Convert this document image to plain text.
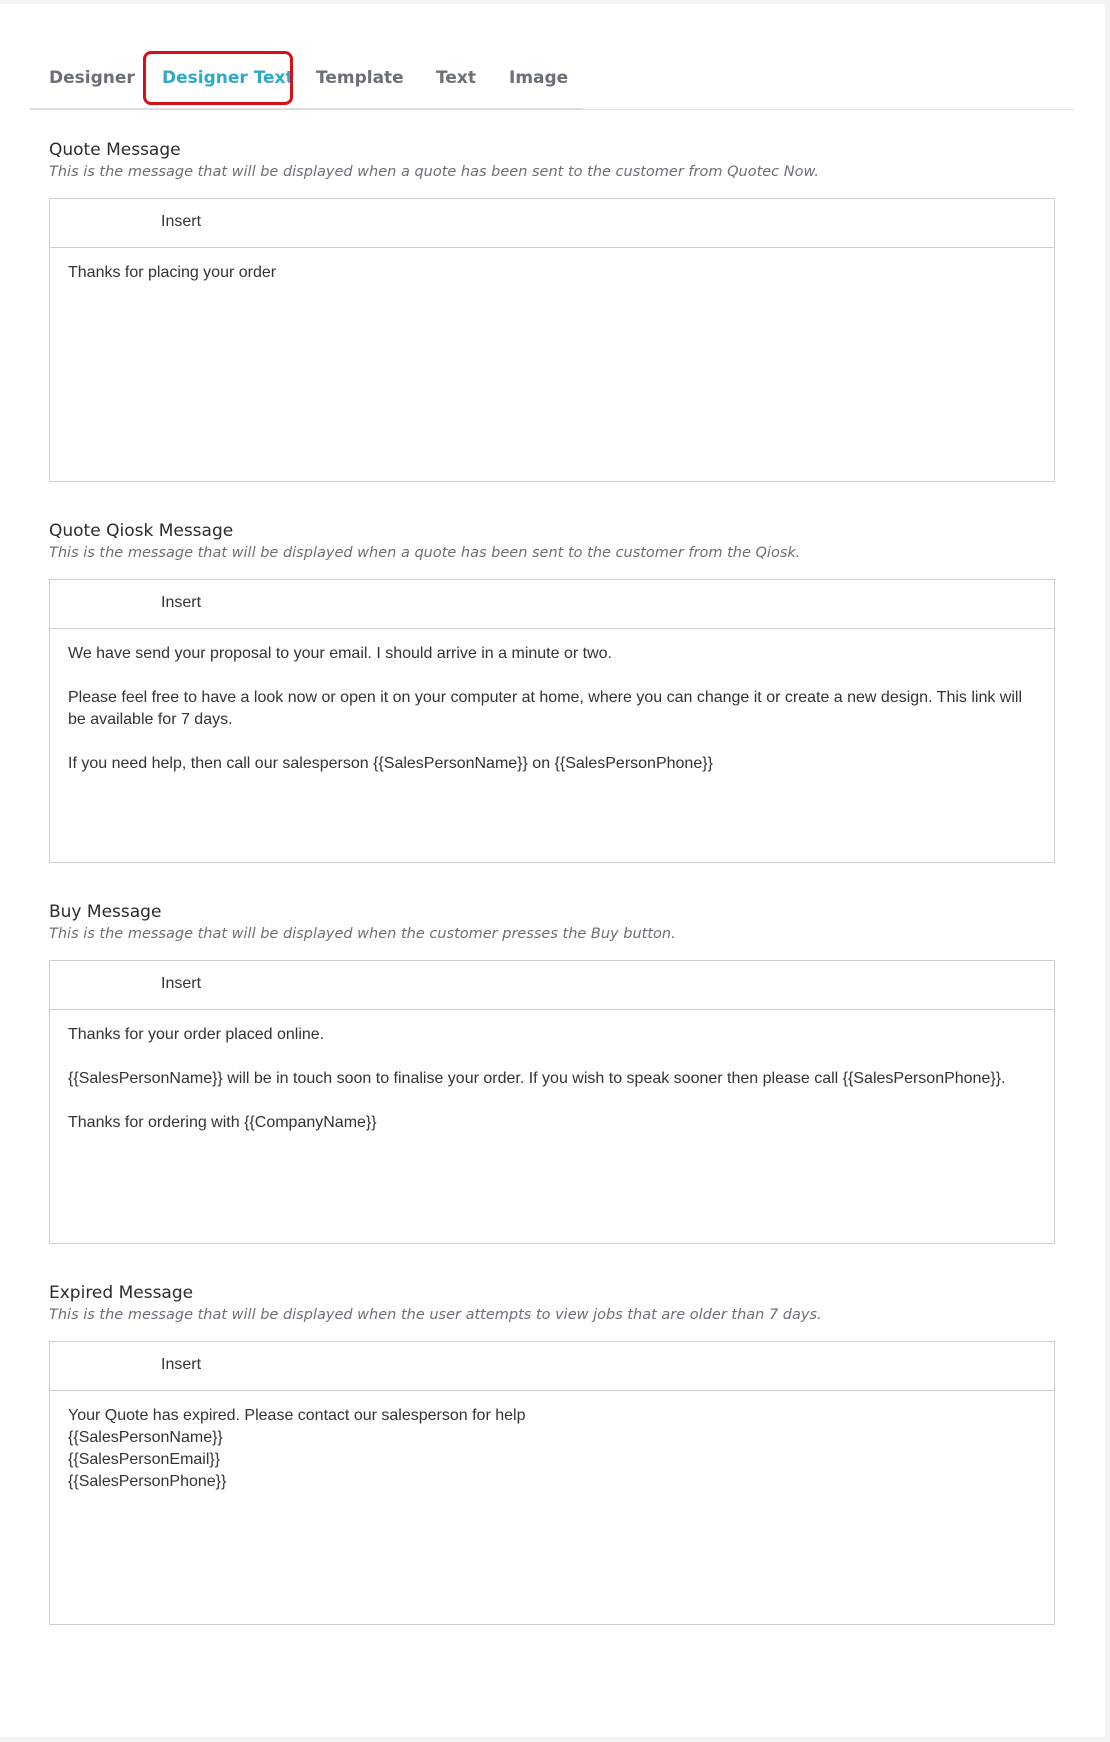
Designer Designer Text Template Text Image
Quote Message
This is the message that will be displayed when a quote has been sent to the customer from Quotec Now.
Insert

Thanks for placing your order

Quote Qiosk Message
This is the message that will be displayed when a quote has been sent to the customer from the Qiosk.
Insert

We have send your proposal to your email. I should arrive in a minute or two.

Please feel free to have a look now or open it on your computer at home, where you can change it or create a new design. This link will be available for 7 days.

If you need help, then call our salesperson {{SalesPersonName}} on {{SalesPersonPhone}}

Buy Message
This is the message that will be displayed when the customer presses the Buy button.
Insert

Thanks for your order placed online.

{{SalesPersonName}} will be in touch soon to finalise your order. If you wish to speak sooner then please call {{SalesPersonPhone}}.

Thanks for ordering with {{CompanyName}}

Expired Message
This is the message that will be displayed when the user attempts to view jobs that are older than 7 days.
Insert

Your Quote has expired. Please contact our salesperson for help

{{SalesPersonName}}

{{SalesPersonEmail}}

{{SalesPersonPhone}}
